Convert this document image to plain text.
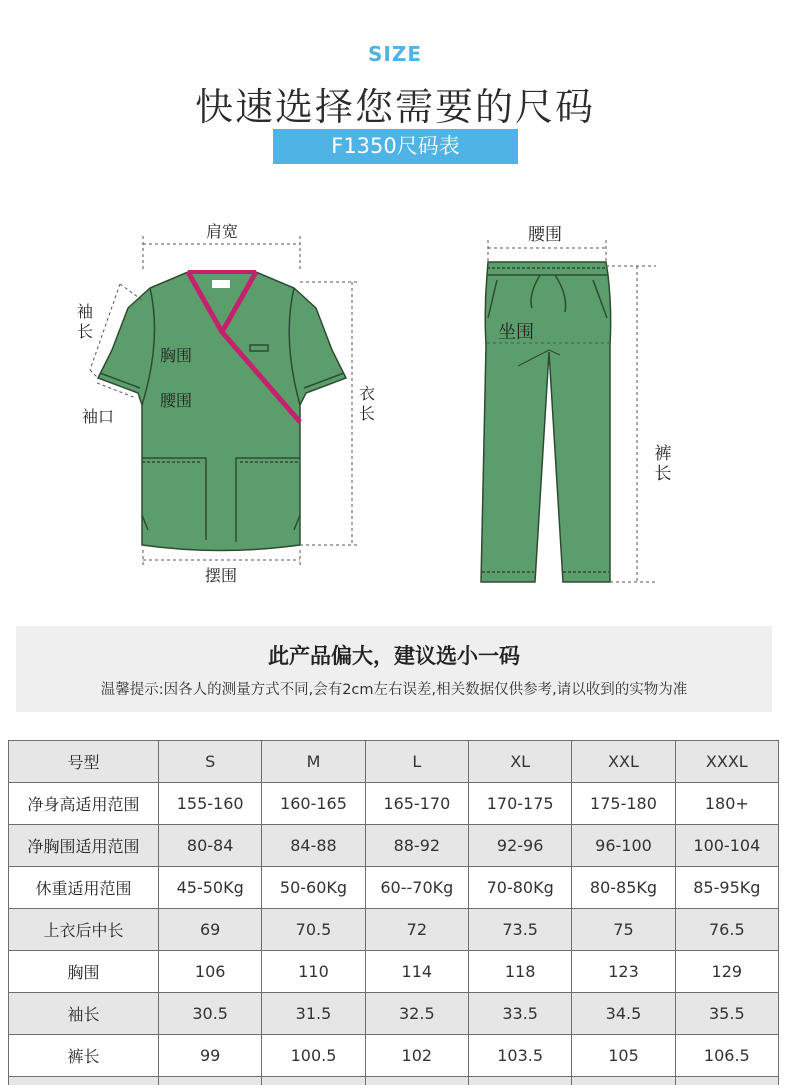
SIZE
快速选择您需要的尺码
F1350尺码表
肩宽
袖长
胸围
腰围
袖口
衣长
摆围
腰围
坐围
裤长
此产品偏大，建议选小一码
温馨提示:因各人的测量方式不同,会有2cm左右误差,相关数据仅供参考,请以收到的实物为准
号型	S	M	L	XL	XXL	XXXL
净身高适用范围	155-160	160-165	165-170	170-175	175-180	180+
净胸围适用范围	80-84	84-88	88-92	92-96	96-100	100-104
休重适用范围	45-50Kg	50-60Kg	60--70Kg	70-80Kg	80-85Kg	85-95Kg
上衣后中长	69	70.5	72	73.5	75	76.5
胸围	106	110	114	118	123	129
袖长	30.5	31.5	32.5	33.5	34.5	35.5
裤长	99	100.5	102	103.5	105	106.5
